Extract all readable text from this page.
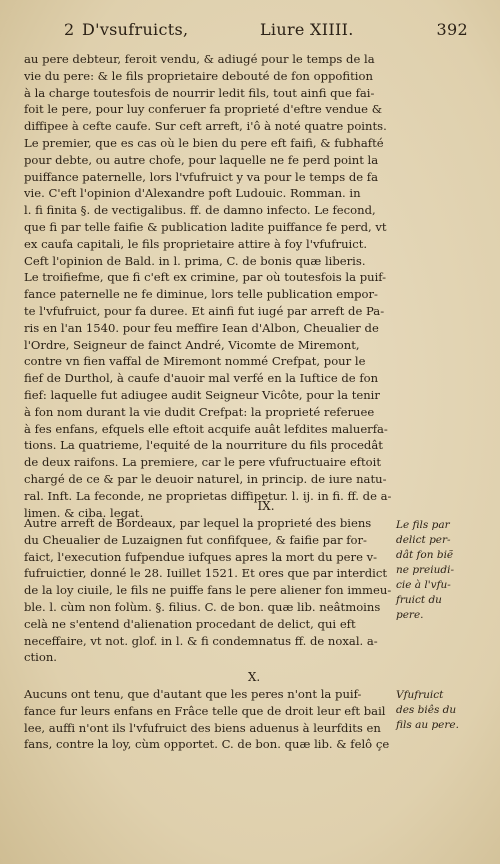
2 D'vsufruicts,	Liure XIIII.	392
au pere debteur, feroit vendu, & adiugé pour le temps de la
vie du pere: & le fils proprietaire debouté de fon oppofition
à la charge toutesfois de nourrir ledit fils, tout ainfi que fai-
foit le pere, pour luy conferuer fa proprieté d'eftre vendue &
diffipee à cefte caufe. Sur ceft arreft, i'ô à noté quatre points.
Le premier, que es cas où le bien du pere eft faifi, & fubhafté
pour debte, ou autre chofe, pour laquelle ne fe perd point la
puiffance paternelle, lors l'vfufruict y va pour le temps de fa
vie. C'eft l'opinion d'Alexandre poft Ludouic. Romman. in
l. fi finita §. de vectigalibus. ff. de damno infecto. Le fecond,
que fi par telle faifie & publication ladite puiffance fe perd, vt
ex caufa capitali, le fils proprietaire attire à foy l'vfufruict.
Ceft l'opinion de Bald. in l. prima, C. de bonis quæ liberis.
Le troifiefme, que fi c'eft ex crimine, par où toutesfois la puif-
fance paternelle ne fe diminue, lors telle publication empor-
te l'vfufruict, pour fa duree. Et ainfi fut iugé par arreft de Pa-
ris en l'an 1540. pour feu meffire Iean d'Albon, Cheualier de
l'Ordre, Seigneur de fainct André, Vicomte de Miremont,
contre vn fien vaffal de Miremont nommé Crefpat, pour le
fief de Durthol, à caufe d'auoir mal verfé en la Iuftice de fon
fief: laquelle fut adiugee audit Seigneur Vicôte, pour la tenir
à fon nom durant la vie dudit Crefpat: la proprieté referuee
à fes enfans, efquels elle eftoit acquife auât lefdites maluerfa-
tions. La quatrieme, l'equité de la nourriture du fils procedât
de deux raifons. La premiere, car le pere vfufructuaire eftoit
chargé de ce & par le deuoir naturel, in princip. de iure natu-
ral. Inft. La feconde, ne proprietas diffipetur. l. ij. in fi. ff. de a-
limen. & ciba. legat.	IX.
Autre arreft de Bordeaux, par lequel la proprieté des biens
du Cheualier de Luzaignen fut confifquee, & faifie par for-
faict, l'execution fufpendue iufques apres la mort du pere v-
fufruictier, donné le 28. Iuillet 1521. Et ores que par interdict
de la loy ciuile, le fils ne puiffe fans le pere aliener fon immeu-
ble. l. cùm non folùm. §. filius. C. de bon. quæ lib. neâtmoins
celà ne s'entend d'alienation procedant de delict, qui eft
neceffaire, vt not. glof. in l. & fi condemnatus ff. de noxal. a-
ction.
Le fils par
delict per-
dât fon biẽ
ne preiudi-
cie à l'vfu-
fruict du
pere.
X.
Aucuns ont tenu, que d'autant que les peres n'ont la puif-
fance fur leurs enfans en Frâce telle que de droit leur eft bail
lee, auffi n'ont ils l'vfufruict des biens aduenus à leurfdits en
fans, contre la loy, cùm opportet. C. de bon. quæ lib. & felô çe
Vfufruict
des biês du
fils au pere.
